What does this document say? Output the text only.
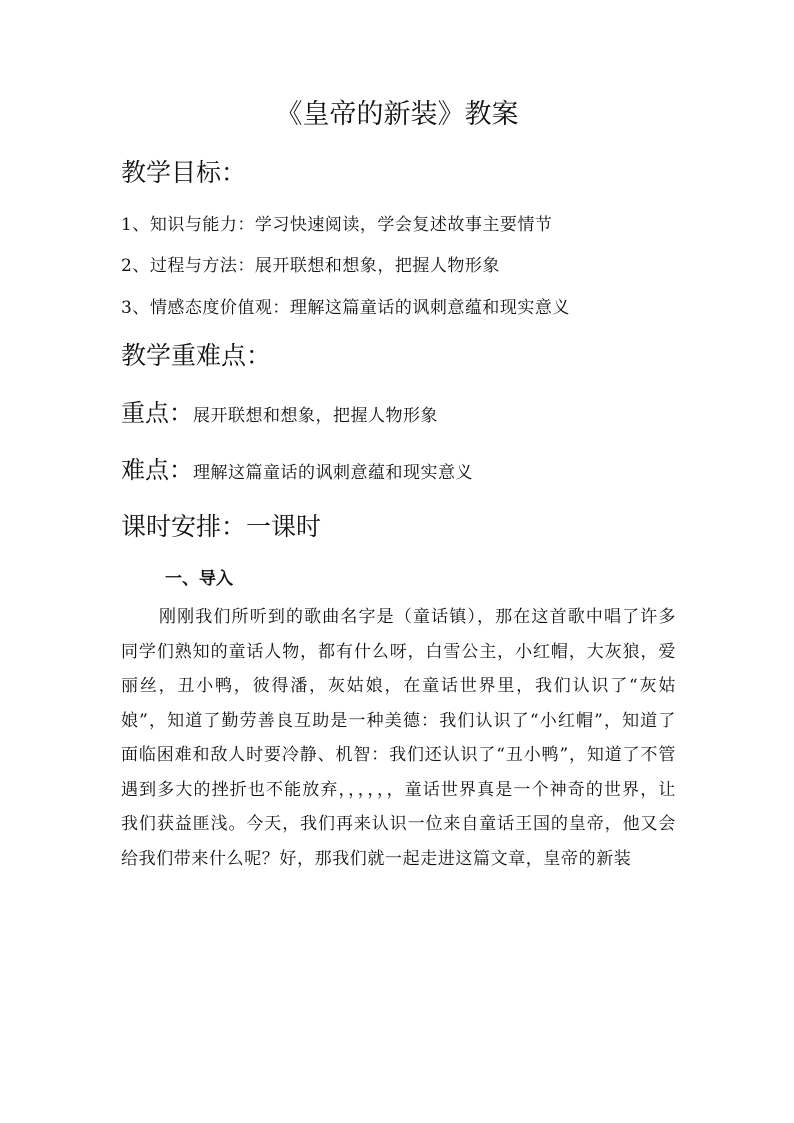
《皇帝的新装》教案
教学目标：

1、知识与能力：学习快速阅读，学会复述故事主要情节

2、过程与方法：展开联想和想象，把握人物形象

3、情感态度价值观：理解这篇童话的讽刺意蕴和现实意义

教学重难点：
重点：展开联想和想象，把握人物形象
难点：理解这篇童话的讽刺意蕴和现实意义
课时安排：一课时
一、导入

刚刚我们所听到的歌曲名字是（童话镇），那在这首歌中唱了许多同学们熟知的童话人物，都有什么呀，白雪公主，小红帽，大灰狼，爱丽丝，丑小鸭，彼得潘，灰姑娘，在童话世界里，我们认识了“灰姑娘”，知道了勤劳善良互助是一种美德：我们认识了“小红帽”，知道了面临困难和敌人时要冷静、机智：我们还认识了“丑小鸭”，知道了不管遇到多大的挫折也不能放弃，，，，，，童话世界真是一个神奇的世界，让我们获益匪浅。今天，我们再来认识一位来自童话王国的皇帝，他又会给我们带来什么呢？好，那我们就一起走进这篇文章，皇帝的新装
